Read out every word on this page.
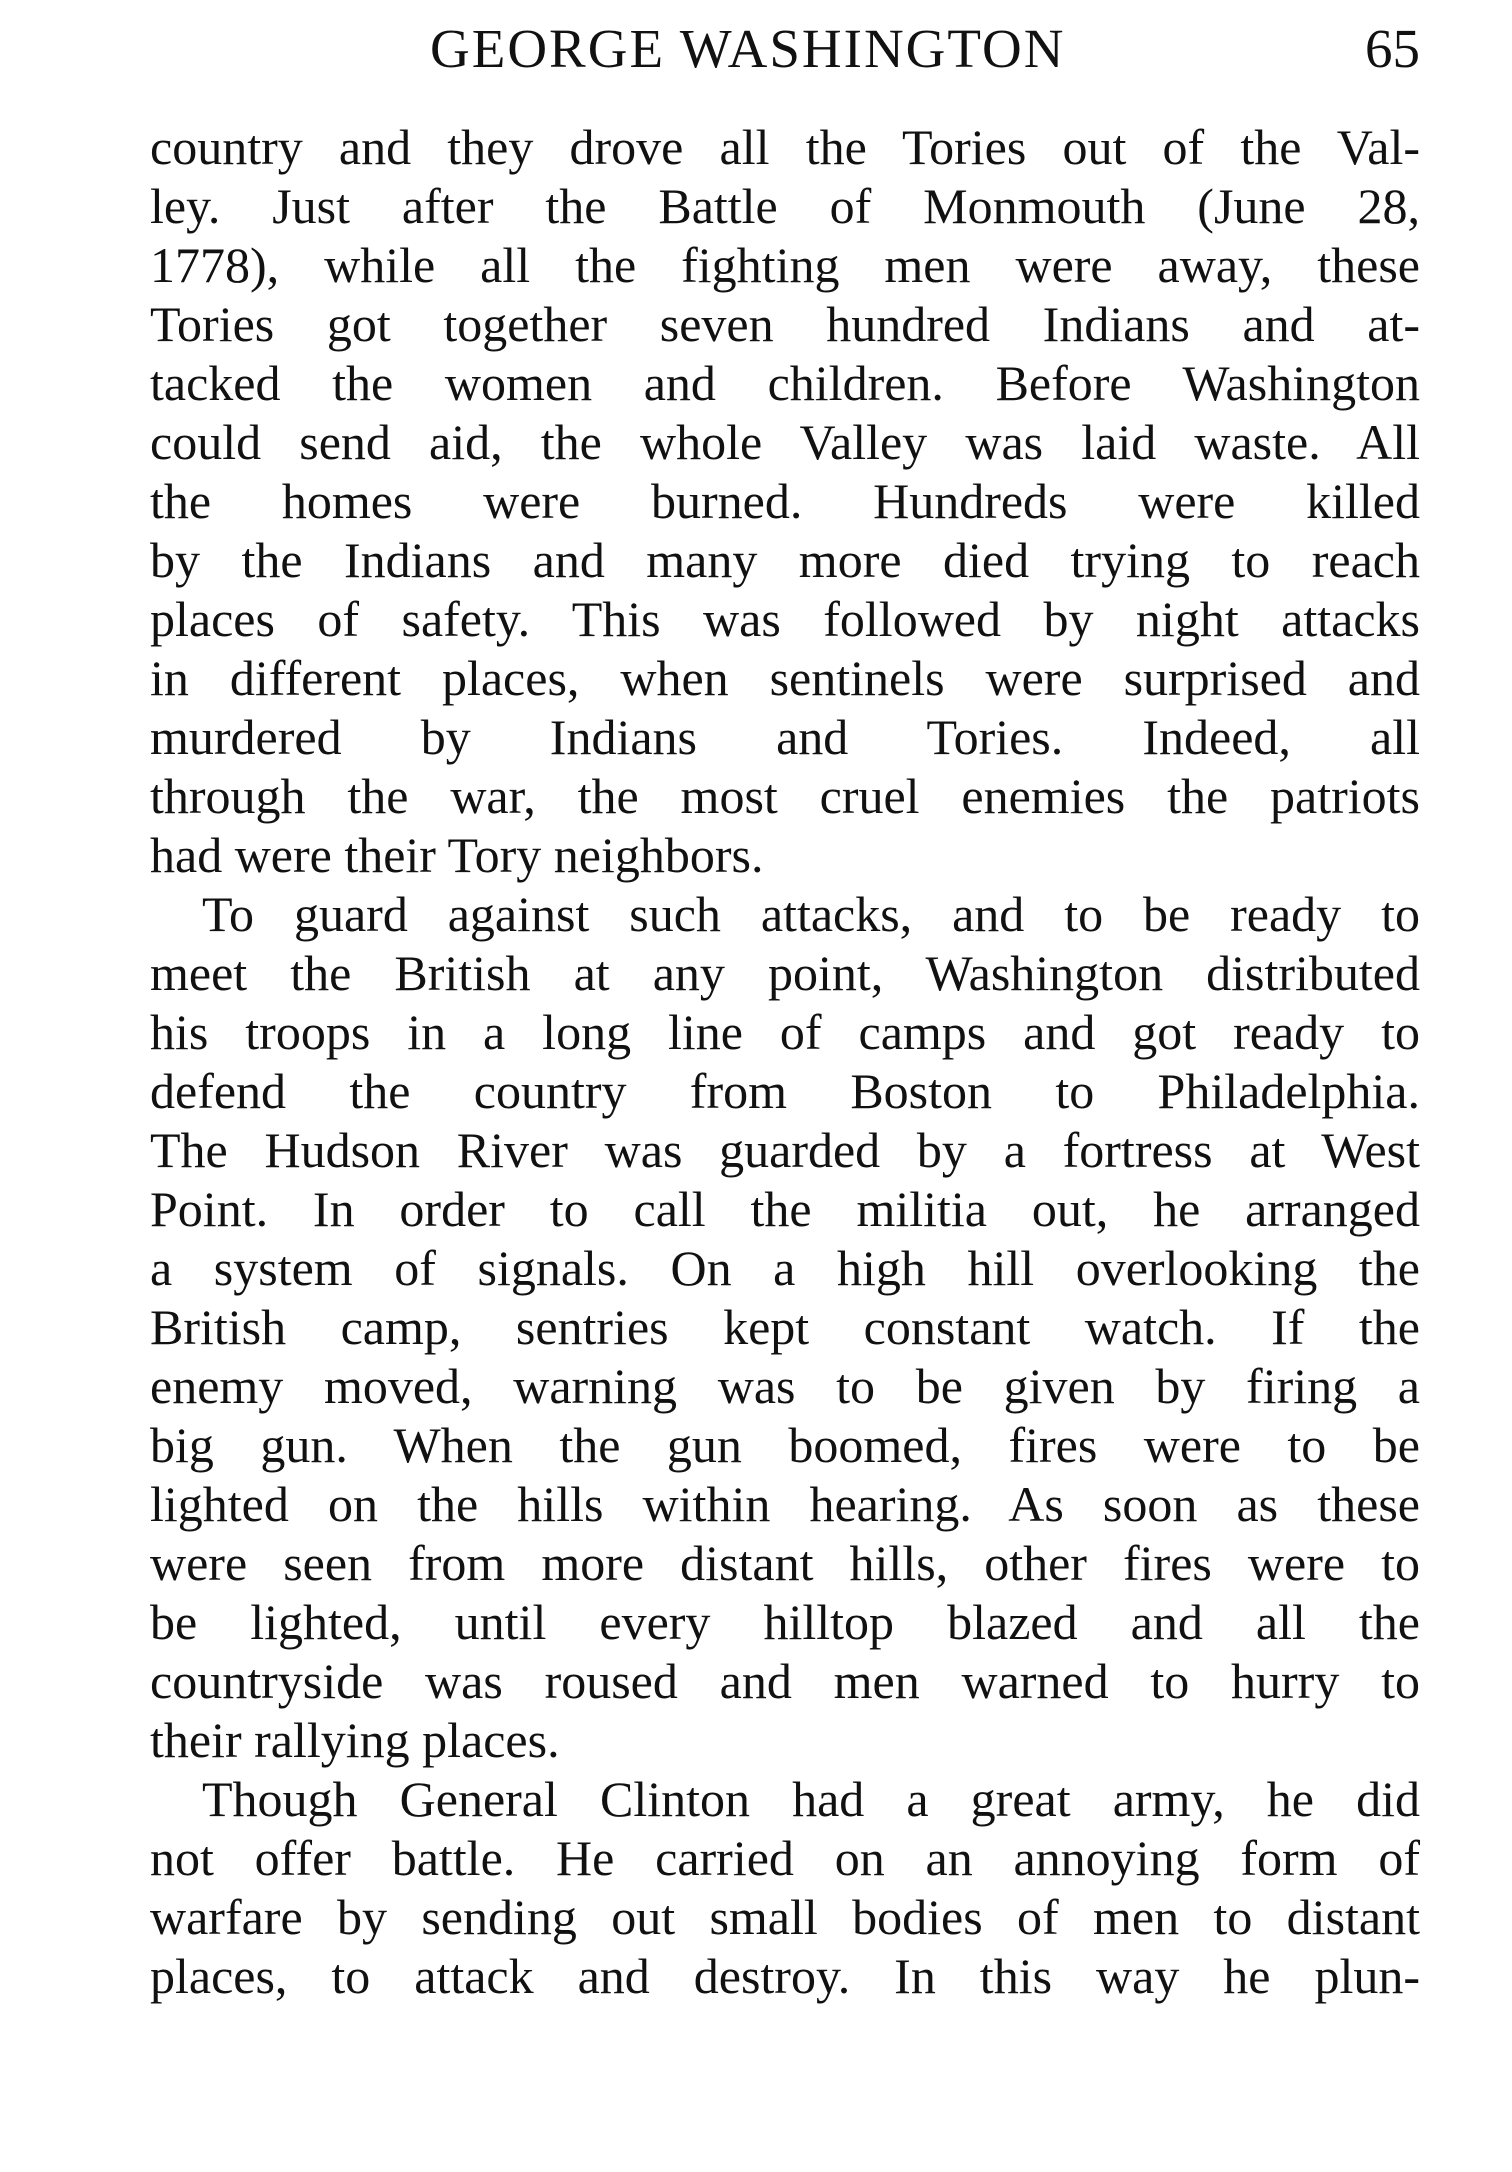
GEORGE WASHINGTON	65
country and they drove all the Tories out of the Val-
ley. Just after the Battle of Monmouth (June 28,
1778), while all the fighting men were away, these
Tories got together seven hundred Indians and at-
tacked the women and children. Before Washington
could send aid, the whole Valley was laid waste. All
the homes were burned. Hundreds were killed
by the Indians and many more died trying to reach
places of safety. This was followed by night attacks
in different places, when sentinels were surprised and
murdered by Indians and Tories. Indeed, all
through the war, the most cruel enemies the patriots
had were their Tory neighbors.
To guard against such attacks, and to be ready to
meet the British at any point, Washington distributed
his troops in a long line of camps and got ready to
defend the country from Boston to Philadelphia.
The Hudson River was guarded by a fortress at West
Point. In order to call the militia out, he arranged
a system of signals. On a high hill overlooking the
British camp, sentries kept constant watch. If the
enemy moved, warning was to be given by firing a
big gun. When the gun boomed, fires were to be
lighted on the hills within hearing. As soon as these
were seen from more distant hills, other fires were to
be lighted, until every hilltop blazed and all the
countryside was roused and men warned to hurry to
their rallying places.
Though General Clinton had a great army, he did
not offer battle. He carried on an annoying form of
warfare by sending out small bodies of men to distant
places, to attack and destroy. In this way he plun-
